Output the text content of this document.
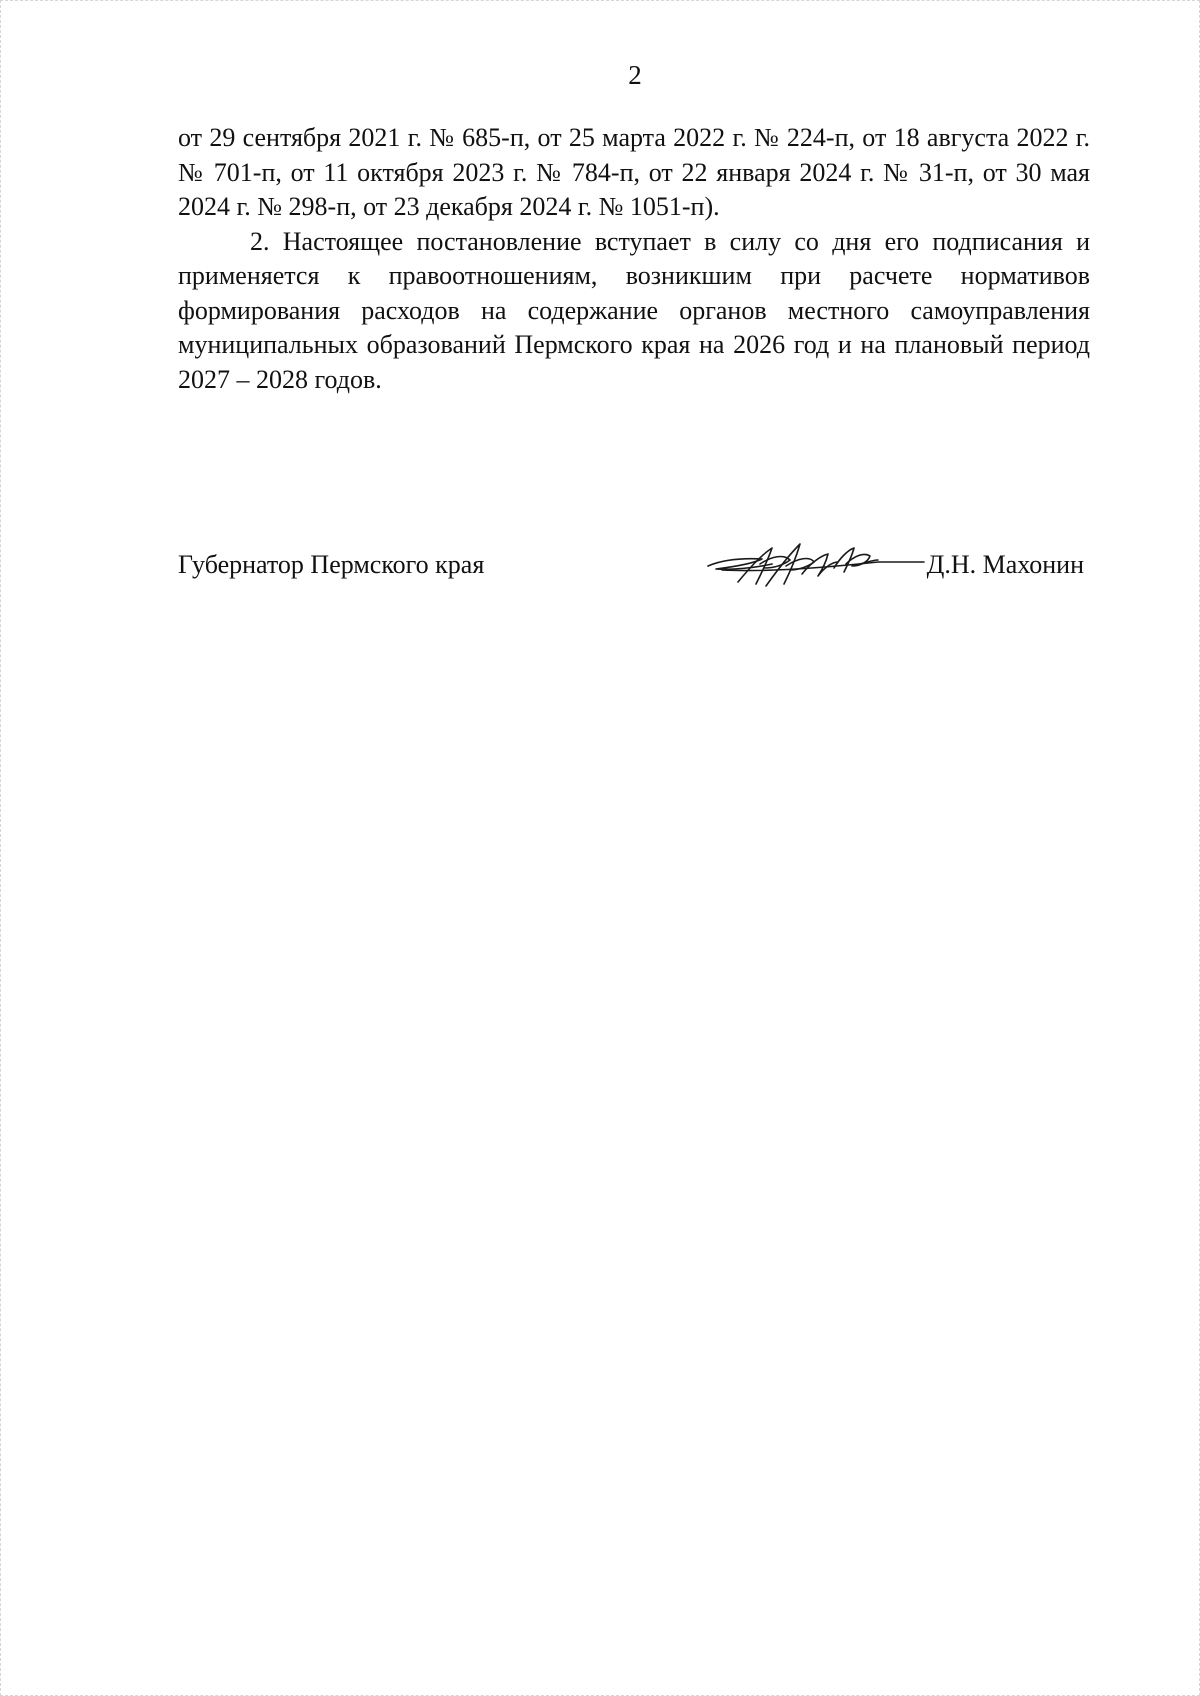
2

от 29 сентября 2021 г. № 685-п, от 25 марта 2022 г. № 224-п, от 18 августа 2022 г. № 701-п, от 11 октября 2023 г. № 784-п, от 22 января 2024 г. № 31-п, от 30 мая 2024 г. № 298-п, от 23 декабря 2024 г. № 1051-п).

2. Настоящее постановление вступает в силу со дня его подписания и применяется к правоотношениям, возникшим при расчете нормативов формирования расходов на содержание органов местного самоуправления муниципальных образований Пермского края на 2026 год и на плановый период 2027 – 2028 годов.

Губернатор Пермского края	Д.Н. Махонин
